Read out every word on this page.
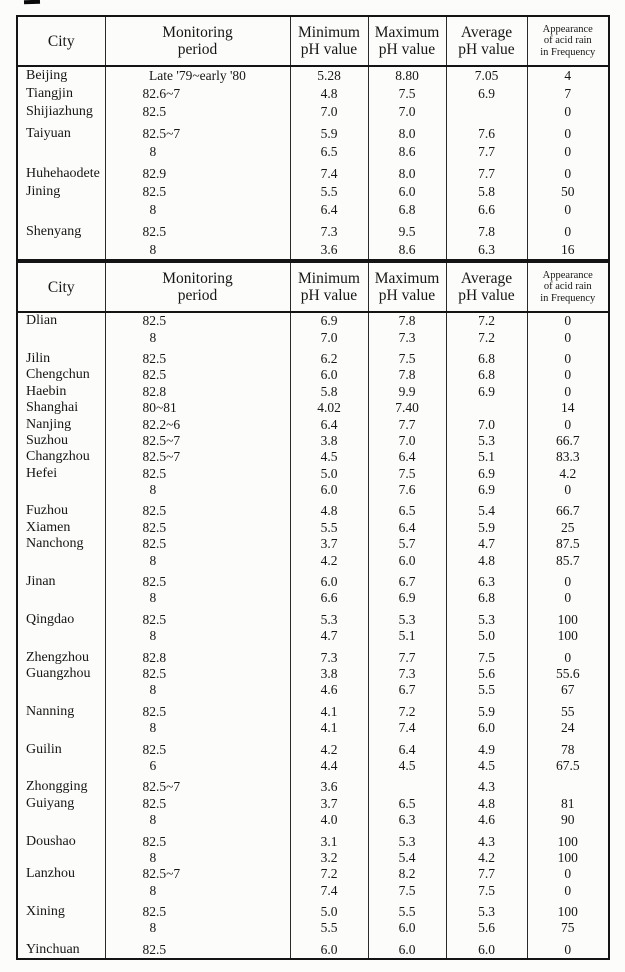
City	Monitoring
period

Minimum
pH value

Maximum
pH value

Average
pH value

Appearance
of acid rain
in Frequency

Beijing	Late '79~early '80	5.28	8.80	7.05	4
Tiangjin	82.6~7	4.8	7.5	6.9	7
Shijiazhung	82.5	7.0	7.0		0
Taiyuan	82.5~7	5.9	8.0	7.6	0
	8	6.5	8.6	7.7	0
Huhehaodete	82.9	7.4	8.0	7.7	0
Jining	82.5	5.5	6.0	5.8	50
	8	6.4	6.8	6.6	0
Shenyang	82.5	7.3	9.5	7.8	0
	8	3.6	8.6	6.3	16
City	Monitoring
period

Minimum
pH value

Maximum
pH value

Average
pH value

Appearance
of acid rain
in Frequency

Dlian	82.5	6.9	7.8	7.2	0
	8	7.0	7.3	7.2	0
Jilin	82.5	6.2	7.5	6.8	0
Chengchun	82.5	6.0	7.8	6.8	0
Haebin	82.8	5.8	9.9	6.9	0
Shanghai	80~81	4.02	7.40		14
Nanjing	82.2~6	6.4	7.7	7.0	0
Suzhou	82.5~7	3.8	7.0	5.3	66.7
Changzhou	82.5~7	4.5	6.4	5.1	83.3
Hefei	82.5	5.0	7.5	6.9	4.2
	8	6.0	7.6	6.9	0
Fuzhou	82.5	4.8	6.5	5.4	66.7
Xiamen	82.5	5.5	6.4	5.9	25
Nanchong	82.5	3.7	5.7	4.7	87.5
	8	4.2	6.0	4.8	85.7
Jinan	82.5	6.0	6.7	6.3	0
	8	6.6	6.9	6.8	0
Qingdao	82.5	5.3	5.3	5.3	100
	8	4.7	5.1	5.0	100
Zhengzhou	82.8	7.3	7.7	7.5	0
Guangzhou	82.5	3.8	7.3	5.6	55.6
	8	4.6	6.7	5.5	67
Nanning	82.5	4.1	7.2	5.9	55
	8	4.1	7.4	6.0	24
Guilin	82.5	4.2	6.4	4.9	78
	6	4.4	4.5	4.5	67.5
Zhongging	82.5~7	3.6		4.3	
Guiyang	82.5	3.7	6.5	4.8	81
	8	4.0	6.3	4.6	90
Doushao	82.5	3.1	5.3	4.3	100
	8	3.2	5.4	4.2	100
Lanzhou	82.5~7	7.2	8.2	7.7	0
	8	7.4	7.5	7.5	0
Xining	82.5	5.0	5.5	5.3	100
	8	5.5	6.0	5.6	75
Yinchuan	82.5	6.0	6.0	6.0	0
